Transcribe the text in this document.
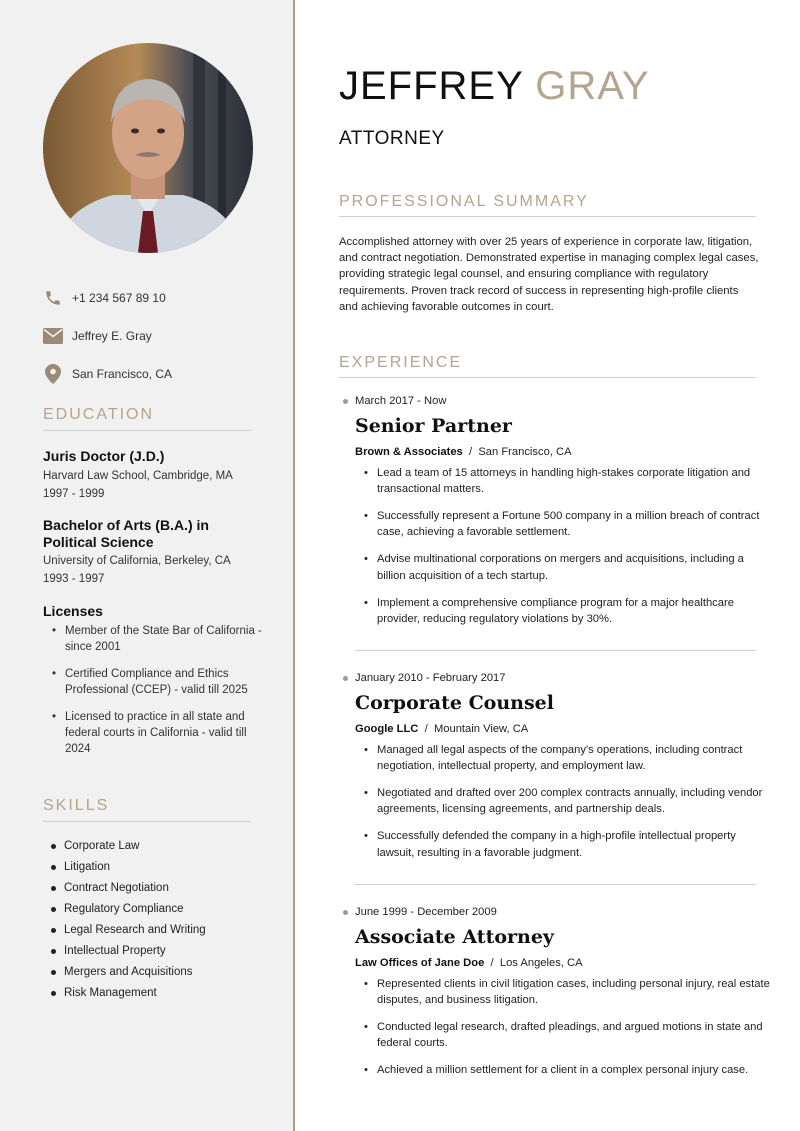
+1 234 567 89 10
Jeffrey E. Gray
San Francisco, CA
EDUCATION
Juris Doctor (J.D.)
Harvard Law School, Cambridge, MA
1997 - 1999
Bachelor of Arts (B.A.) in Political Science
University of California, Berkeley, CA
1993 - 1997
Licenses
• Member of the State Bar of California - since 2001
• Certified Compliance and Ethics Professional (CCEP) - valid till 2025
• Licensed to practice in all state and federal courts in California - valid till 2024
SKILLS
Corporate Law
Litigation
Contract Negotiation
Regulatory Compliance
Legal Research and Writing
Intellectual Property
Mergers and Acquisitions
Risk Management
JEFFREY GRAY
ATTORNEY
PROFESSIONAL SUMMARY

Accomplished attorney with over 25 years of experience in corporate law, litigation, and contract negotiation. Demonstrated expertise in managing complex legal cases, providing strategic legal counsel, and ensuring compliance with regulatory requirements. Proven track record of success in representing high-profile clients and achieving favorable outcomes in court.

EXPERIENCE
March 2017 - Now
Senior Partner
Brown & Associates  /  San Francisco, CA
• Lead a team of 15 attorneys in handling high-stakes corporate litigation and transactional matters.
• Successfully represent a Fortune 500 company in a million breach of contract case, achieving a favorable settlement.
• Advise multinational corporations on mergers and acquisitions, including a billion acquisition of a tech startup.
• Implement a comprehensive compliance program for a major healthcare provider, reducing regulatory violations by 30%.
January 2010 - February 2017
Corporate Counsel
Google LLC  /  Mountain View, CA
• Managed all legal aspects of the company's operations, including contract negotiation, intellectual property, and employment law.
• Negotiated and drafted over 200 complex contracts annually, including vendor agreements, licensing agreements, and partnership deals.
• Successfully defended the company in a high-profile intellectual property lawsuit, resulting in a favorable judgment.
June 1999 - December 2009
Associate Attorney
Law Offices of Jane Doe  /  Los Angeles, CA
• Represented clients in civil litigation cases, including personal injury, real estate disputes, and business litigation.
• Conducted legal research, drafted pleadings, and argued motions in state and federal courts.
• Achieved a million settlement for a client in a complex personal injury case.
